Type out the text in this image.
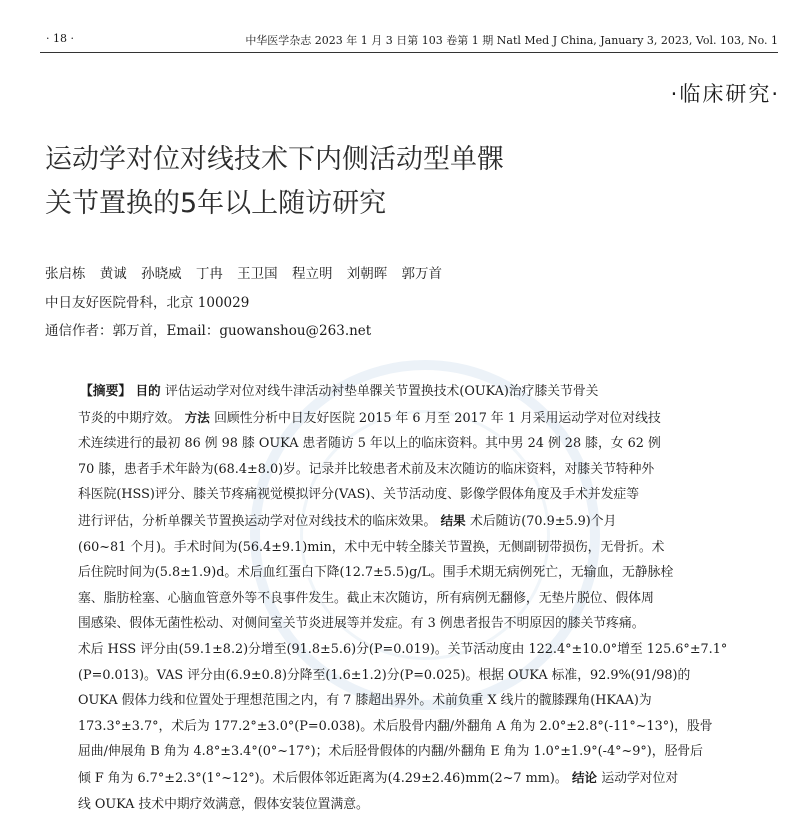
· 18 ·	中华医学杂志 2023 年 1 月 3 日第 103 卷第 1 期 Natl Med J China, January 3, 2023, Vol. 103, No. 1
·临床研究·
运动学对位对线技术下内侧活动型单髁
关节置换的5年以上随访研究
张启栋 黄诚 孙晓威 丁冉 王卫国 程立明 刘朝晖 郭万首
中日友好医院骨科，北京 100029
通信作者：郭万首，Email：guowanshou@263.net
【摘要】 目的 评估运动学对位对线牛津活动衬垫单髁关节置换技术(OUKA)治疗膝关节骨关
节炎的中期疗效。 方法 回顾性分析中日友好医院 2015 年 6 月至 2017 年 1 月采用运动学对位对线技
术连续进行的最初 86 例 98 膝 OUKA 患者随访 5 年以上的临床资料。其中男 24 例 28 膝，女 62 例
70 膝，患者手术年龄为(68.4±8.0)岁。记录并比较患者术前及末次随访的临床资料，对膝关节特种外
科医院(HSS)评分、膝关节疼痛视觉模拟评分(VAS)、关节活动度、影像学假体角度及手术并发症等
进行评估，分析单髁关节置换运动学对位对线技术的临床效果。 结果 术后随访(70.9±5.9)个月
(60~81 个月)。手术时间为(56.4±9.1)min，术中无中转全膝关节置换，无侧副韧带损伤，无骨折。术
后住院时间为(5.8±1.9)d。术后血红蛋白下降(12.7±5.5)g/L。围手术期无病例死亡，无输血，无静脉栓
塞、脂肪栓塞、心脑血管意外等不良事件发生。截止末次随访，所有病例无翻修，无垫片脱位、假体周
围感染、假体无菌性松动、对侧间室关节炎进展等并发症。有 3 例患者报告不明原因的膝关节疼痛。
术后 HSS 评分由(59.1±8.2)分增至(91.8±5.6)分(P=0.019)。关节活动度由 122.4°±10.0°增至 125.6°±7.1°
(P=0.013)。VAS 评分由(6.9±0.8)分降至(1.6±1.2)分(P=0.025)。根据 OUKA 标准，92.9%(91/98)的
OUKA 假体力线和位置处于理想范围之内，有 7 膝超出界外。术前负重 X 线片的髋膝踝角(HKAA)为
173.3°±3.7°，术后为 177.2°±3.0°(P=0.038)。术后股骨内翻/外翻角 A 角为 2.0°±2.8°(-11°~13°)，股骨
屈曲/伸展角 B 角为 4.8°±3.4°(0°~17°)；术后胫骨假体的内翻/外翻角 E 角为 1.0°±1.9°(-4°~9°)，胫骨后
倾 F 角为 6.7°±2.3°(1°~12°)。术后假体邻近距离为(4.29±2.46)mm(2~7 mm)。 结论 运动学对位对
线 OUKA 技术中期疗效满意，假体安装位置满意。
